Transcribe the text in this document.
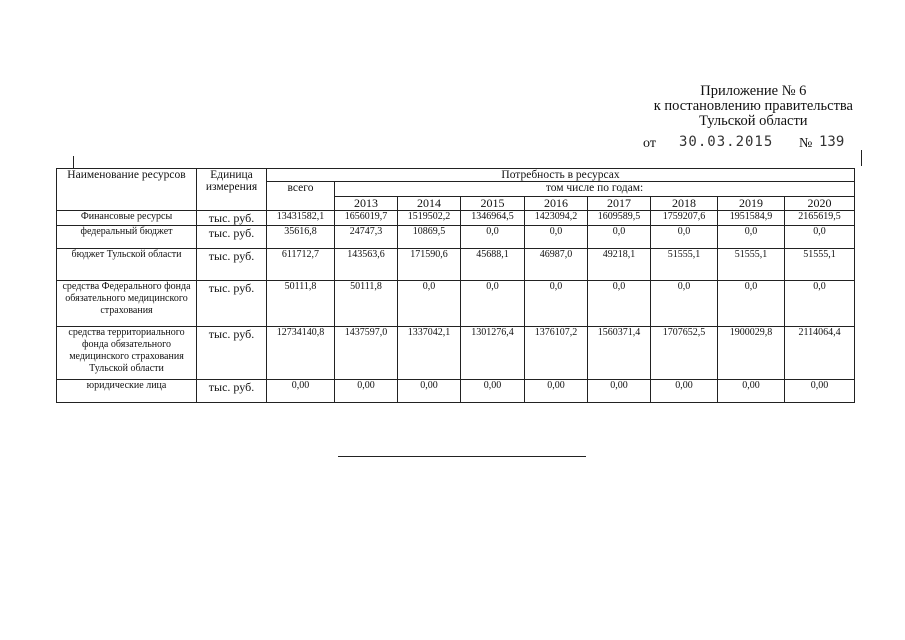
Приложение № 6
к постановлению правительства
Тульской области
от 30.03.2015 № 139
Наименование ресурсов	Единица измерения	Потребность в ресурсах								
		всего	том числе по годам:							
			2013	2014	2015	2016	2017	2018	2019	2020
Финансовые ресурсы	тыс. руб.	13431582,1	1656019,7	1519502,2	1346964,5	1423094,2	1609589,5	1759207,6	1951584,9	2165619,5
федеральный бюджет	тыс. руб.	35616,8	24747,3	10869,5	0,0	0,0	0,0	0,0	0,0	0,0
бюджет Тульской области	тыс. руб.	611712,7	143563,6	171590,6	45688,1	46987,0	49218,1	51555,1	51555,1	51555,1
средства Федерального фонда обязательного медицинского страхования	тыс. руб.	50111,8	50111,8	0,0	0,0	0,0	0,0	0,0	0,0	0,0
средства территориального фонда обязательного медицинского страхования Тульской области	тыс. руб.	12734140,8	1437597,0	1337042,1	1301276,4	1376107,2	1560371,4	1707652,5	1900029,8	2114064,4
юридические лица	тыс. руб.	0,00	0,00	0,00	0,00	0,00	0,00	0,00	0,00	0,00
